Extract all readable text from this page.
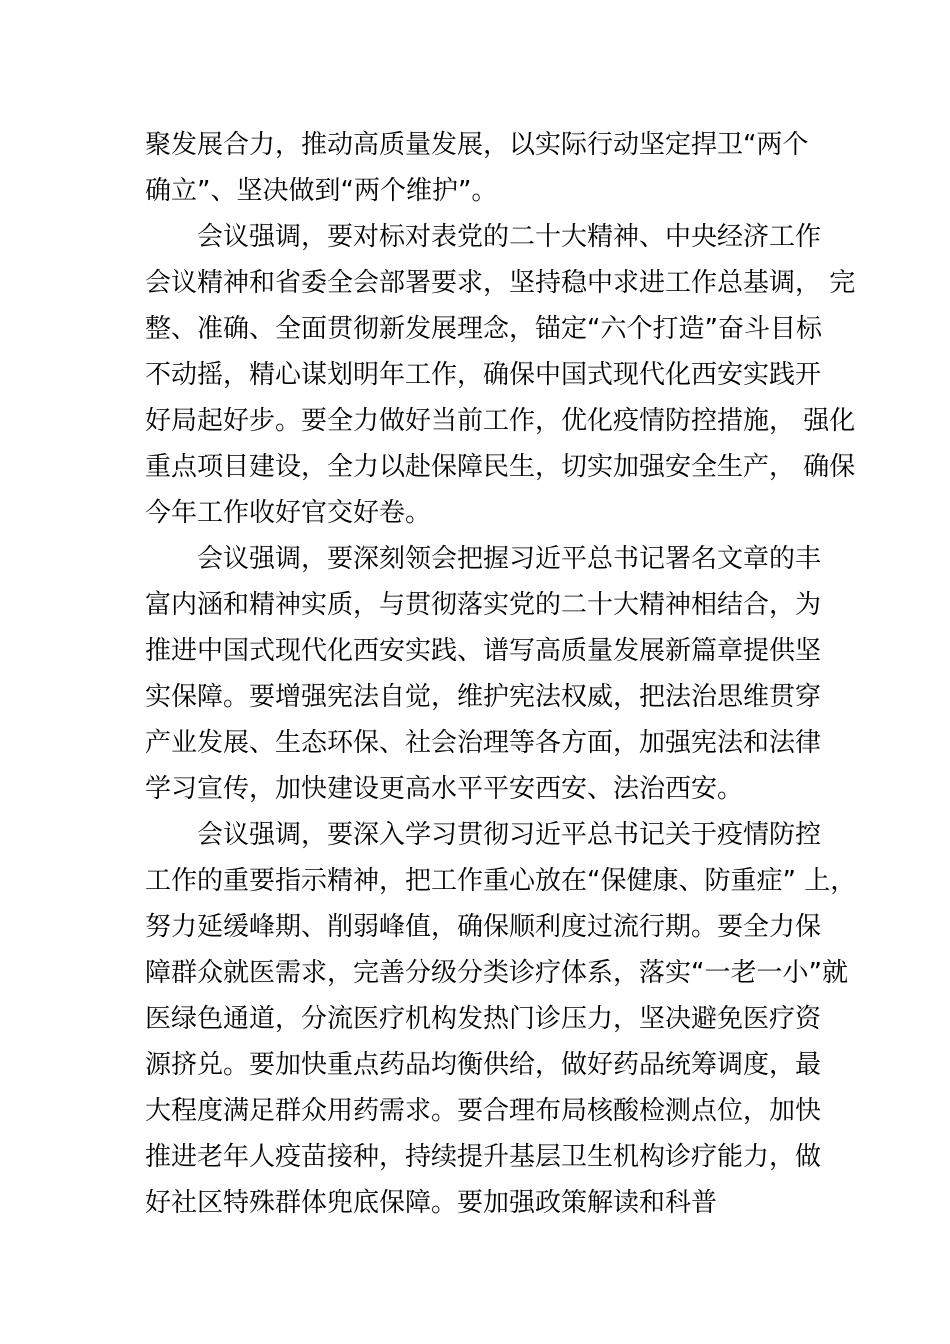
聚发展合力，推动高质量发展，以实际行动坚定捍卫“两个
确立”、坚决做到“两个维护”。
会议强调，要对标对表党的二十大精神、中央经济工作
会议精神和省委全会部署要求，坚持稳中求进工作总基调， 完
整、准确、全面贯彻新发展理念，锚定“六个打造”奋斗目标
不动摇，精心谋划明年工作，确保中国式现代化西安实践开
好局起好步。要全力做好当前工作，优化疫情防控措施， 强化
重点项目建设，全力以赴保障民生，切实加强安全生产， 确保
今年工作收好官交好卷。
会议强调，要深刻领会把握习近平总书记署名文章的丰
富内涵和精神实质，与贯彻落实党的二十大精神相结合，为
推进中国式现代化西安实践、谱写高质量发展新篇章提供坚
实保障。要增强宪法自觉，维护宪法权威，把法治思维贯穿
产业发展、生态环保、社会治理等各方面，加强宪法和法律
学习宣传，加快建设更高水平平安西安、法治西安。
会议强调，要深入学习贯彻习近平总书记关于疫情防控
工作的重要指示精神，把工作重心放在“保健康、防重症” 上，
努力延缓峰期、削弱峰值，确保顺利度过流行期。要全力保
障群众就医需求，完善分级分类诊疗体系，落实“一老一小”就
医绿色通道，分流医疗机构发热门诊压力，坚决避免医疗资
源挤兑。要加快重点药品均衡供给，做好药品统筹调度，最
大程度满足群众用药需求。要合理布局核酸检测点位，加快
推进老年人疫苗接种，持续提升基层卫生机构诊疗能力，做
好社区特殊群体兜底保障。要加强政策解读和科普
